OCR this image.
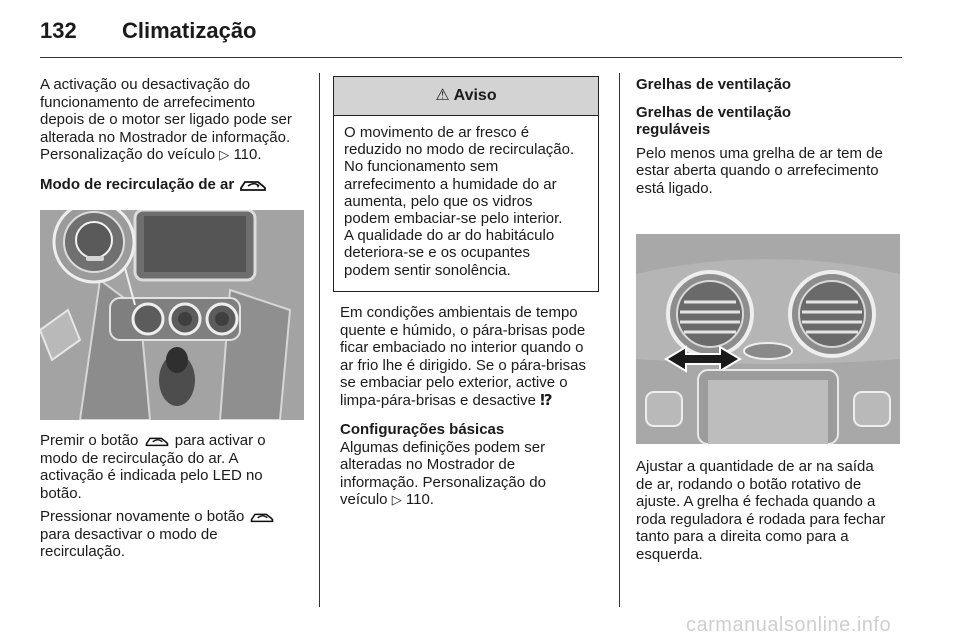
132 Climatização

A activação ou desactivação do

funcionamento de arrefecimento

depois de o motor ser ligado pode ser

alterada no Mostrador de informação.

Personalização do veículo ▷ 110.

Modo de recirculação de ar

Premir o botão para activar o

modo de recirculação do ar. A

activação é indicada pelo LED no

botão.

Pressionar novamente o botão

para desactivar o modo de

recirculação.

⚠ Aviso
O movimento de ar fresco é
reduzido no modo de recirculação.
No funcionamento sem
arrefecimento a humidade do ar
aumenta, pelo que os vidros
podem embaciar-se pelo interior.
A qualidade do ar do habitáculo
deteriora-se e os ocupantes
podem sentir sonolência.

Em condições ambientais de tempo

quente e húmido, o pára-brisas pode

ficar embaciado no interior quando o

ar frio lhe é dirigido. Se o pára-brisas

se embaciar pelo exterior, active o

limpa-pára-brisas e desactive ⁉

Configurações básicas

Algumas definições podem ser

alteradas no Mostrador de

informação. Personalização do

veículo ▷ 110.

Grelhas de ventilação

Grelhas de ventilação

reguláveis

Pelo menos uma grelha de ar tem de

estar aberta quando o arrefecimento

está ligado.

Ajustar a quantidade de ar na saída

de ar, rodando o botão rotativo de

ajuste. A grelha é fechada quando a

roda reguladora é rodada para fechar

tanto para a direita como para a

esquerda.

carmanualsonline.info
